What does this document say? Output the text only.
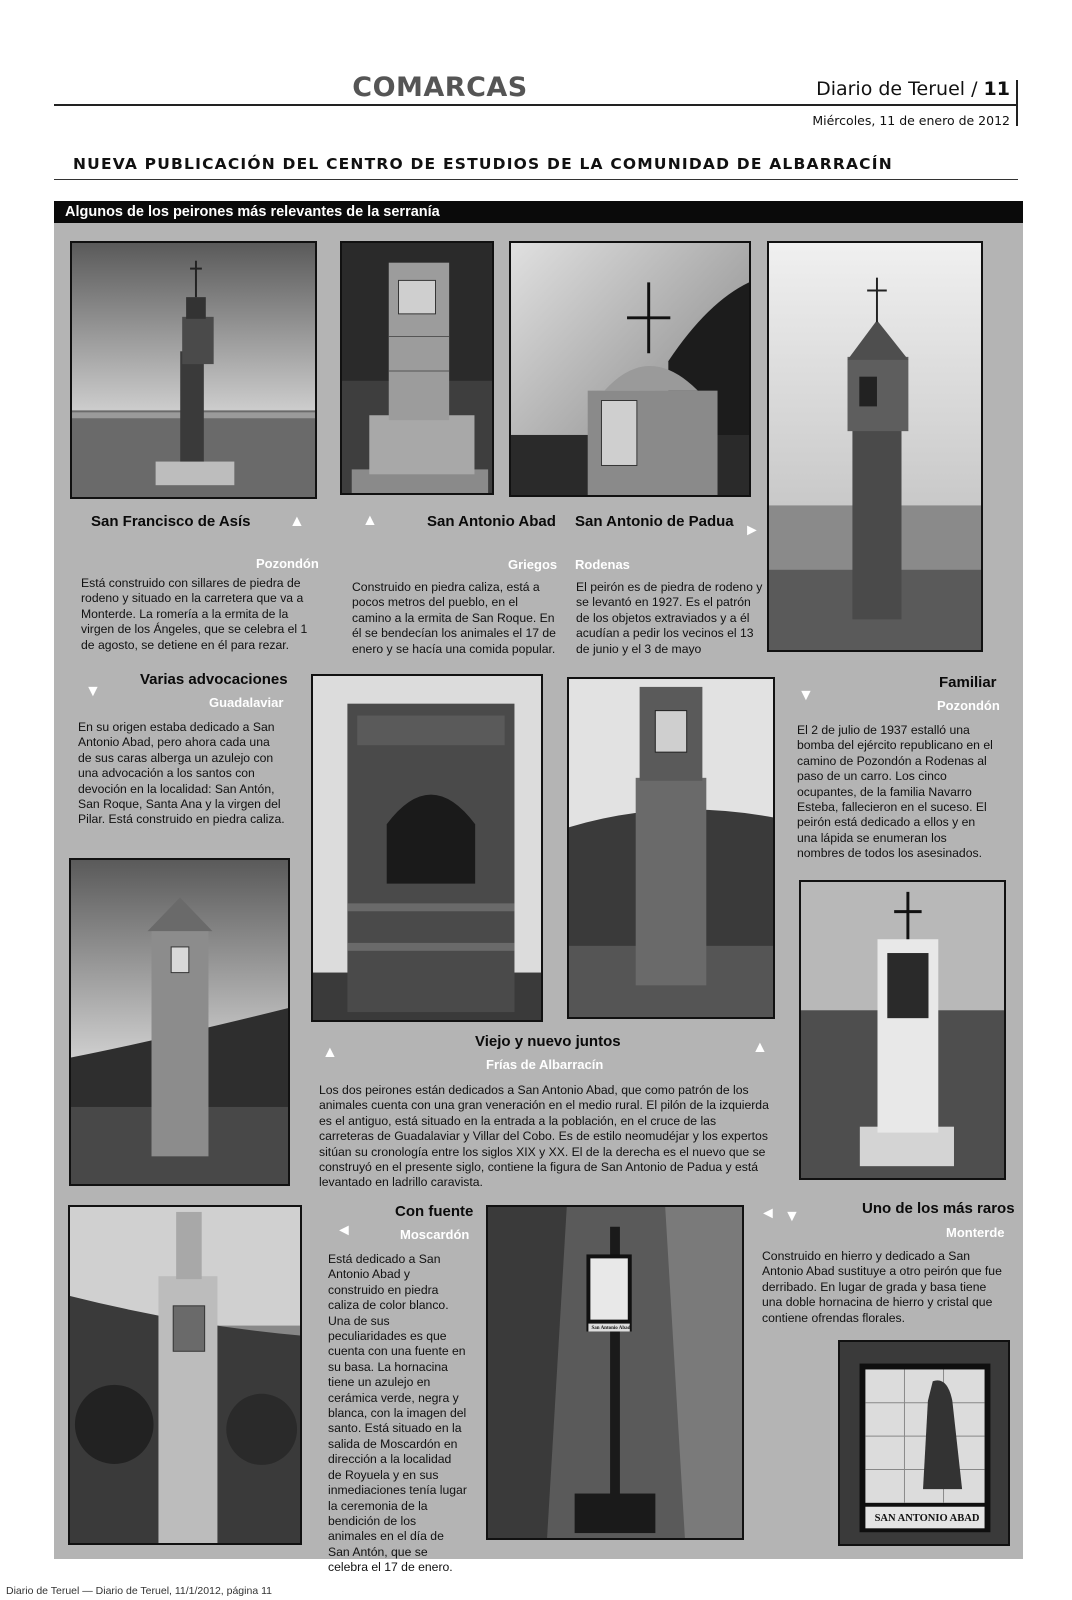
COMARCAS	Diario de Teruel / 11
Miércoles, 11 de enero de 2012
NUEVA PUBLICACIÓN DEL CENTRO DE ESTUDIOS DE LA COMUNIDAD DE ALBARRACÍN
Algunos de los peirones más relevantes de la serranía
San Francisco de Asís ▲
Pozondón
Está construido con sillares de piedra de rodeno y situado en la carretera que va a Monterde. La romería a la ermita de la virgen de los Ángeles, que se celebra el 1 de agosto, se detiene en él para rezar.
▲	San Antonio Abad
Griegos
Construido en piedra caliza, está a pocos metros del pueblo, en el camino a la ermita de San Roque. En él se bendecían los animales el 17 de enero y se hacía una comida popular.
San Antonio de Padua
►
Rodenas
El peirón es de piedra de rodeno y se levantó en 1927. Es el patrón de los objetos extraviados y a él acudían a pedir los vecinos el 13 de junio y el 3 de mayo
▼
Varias advocaciones
Guadalaviar
En su origen estaba dedicado a San Antonio Abad, pero ahora cada una de sus caras alberga un azulejo con una advocación a los santos con devoción en la localidad: San Antón, San Roque, Santa Ana y la virgen del Pilar. Está construido en piedra caliza.
▼
Familiar
Pozondón
El 2 de julio de 1937 estalló una bomba del ejército republicano en el camino de Pozondón a Rodenas al paso de un carro. Los cinco ocupantes, de la familia Navarro Esteba, fallecieron en el suceso. El peirón está dedicado a ellos y en una lápida se enumeran los nombres de todos los asesinados.
▲
Viejo y nuevo juntos	▲
Frías de Albarracín
Los dos peirones están dedicados a San Antonio Abad, que como patrón de los animales cuenta con una gran veneración en el medio rural. El pilón de la izquierda es el antiguo, está situado en la entrada a la población, en el cruce de las carreteras de Guadalaviar y Villar del Cobo. Es de estilo neomudéjar y los expertos sitúan su cronología entre los siglos XIX y XX. El de la derecha es el nuevo que se construyó en el presente siglo, contiene la figura de San Antonio de Padua y está levantado en ladrillo caravista.
◄
Con fuente
Moscardón
Está dedicado a San Antonio Abad y construido en piedra caliza de color blanco. Una de sus peculiaridades es que cuenta con una fuente en su basa. La hornacina tiene un azulejo en cerámica verde, negra y blanca, con la imagen del santo. Está situado en la salida de Moscardón en dirección a la localidad de Royuela y en sus inmediaciones tenía lugar la ceremonia de la bendición de los animales en el día de San Antón, que se celebra el 17 de enero.
San Antonio Abad
◄ ▼	Uno de los más raros
Monterde
Construido en hierro y dedicado a San Antonio Abad sustituye a otro peirón que fue derribado. En lugar de grada y basa tiene una doble hornacina de hierro y cristal que contiene ofrendas florales.
SAN ANTONIO ABAD
Diario de Teruel — Diario de Teruel, 11/1/2012, página 11
